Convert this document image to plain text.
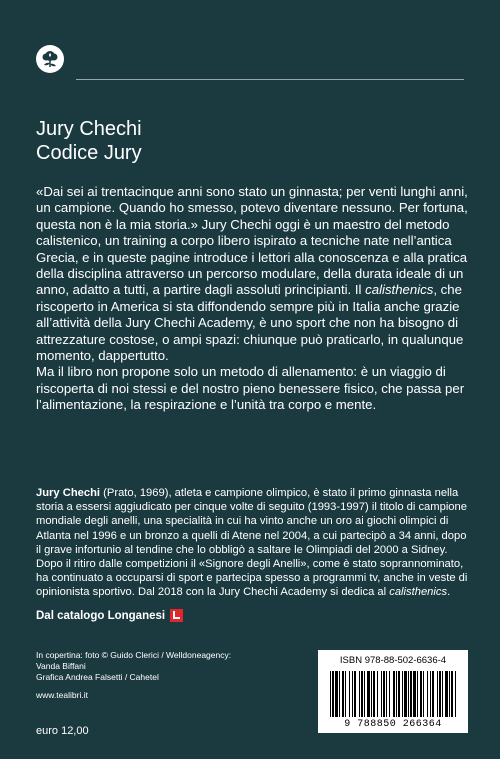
Jury Chechi
Codice Jury

«Dai sei ai trentacinque anni sono stato un ginnasta; per venti lunghi anni, un campione. Quando ho smesso, potevo diventare nessuno. Per fortuna, questa non è la mia storia.» Jury Chechi oggi è un maestro del metodo calistenico, un training a corpo libero ispirato a tecniche nate nell’antica Grecia, e in queste pagine introduce i lettori alla conoscenza e alla pratica della disciplina attraverso un percorso modulare, della durata ideale di un anno, adatto a tutti, a partire dagli assoluti principianti. Il calisthenics, che riscoperto in America si sta diffondendo sempre più in Italia anche grazie all’attività della Jury Chechi Academy, è uno sport che non ha bisogno di attrezzature costose, o ampi spazi: chiunque può praticarlo, in qualunque momento, dappertutto.

Ma il libro non propone solo un metodo di allenamento: è un viaggio di riscoperta di noi stessi e del nostro pieno benessere fisico, che passa per l’alimentazione, la respirazione e l’unità tra corpo e mente.

Jury Chechi (Prato, 1969), atleta e campione olimpico, è stato il primo ginnasta nella storia a essersi aggiudicato per cinque volte di seguito (1993-1997) il titolo di campione mondiale degli anelli, una specialità in cui ha vinto anche un oro ai giochi olimpici di Atlanta nel 1996 e un bronzo a quelli di Atene nel 2004, a cui partecipò a 34 anni, dopo il grave infortunio al tendine che lo obbligò a saltare le Olimpiadi del 2000 a Sidney. Dopo il ritiro dalle competizioni il «Signore degli Anelli», come è stato soprannominato, ha continuato a occuparsi di sport e partecipa spesso a programmi tv, anche in veste di opinionista sportivo. Dal 2018 con la Jury Chechi Academy si dedica al calisthenics.
Dal catalogo Longanesi
In copertina: foto © Guido Clerici / Welldoneagency:
Vanda Biffani
Grafica Andrea Falsetti / Cahetel
www.tealibri.it
euro 12,00
ISBN 978-88-502-6636-4
9 788850 266364
